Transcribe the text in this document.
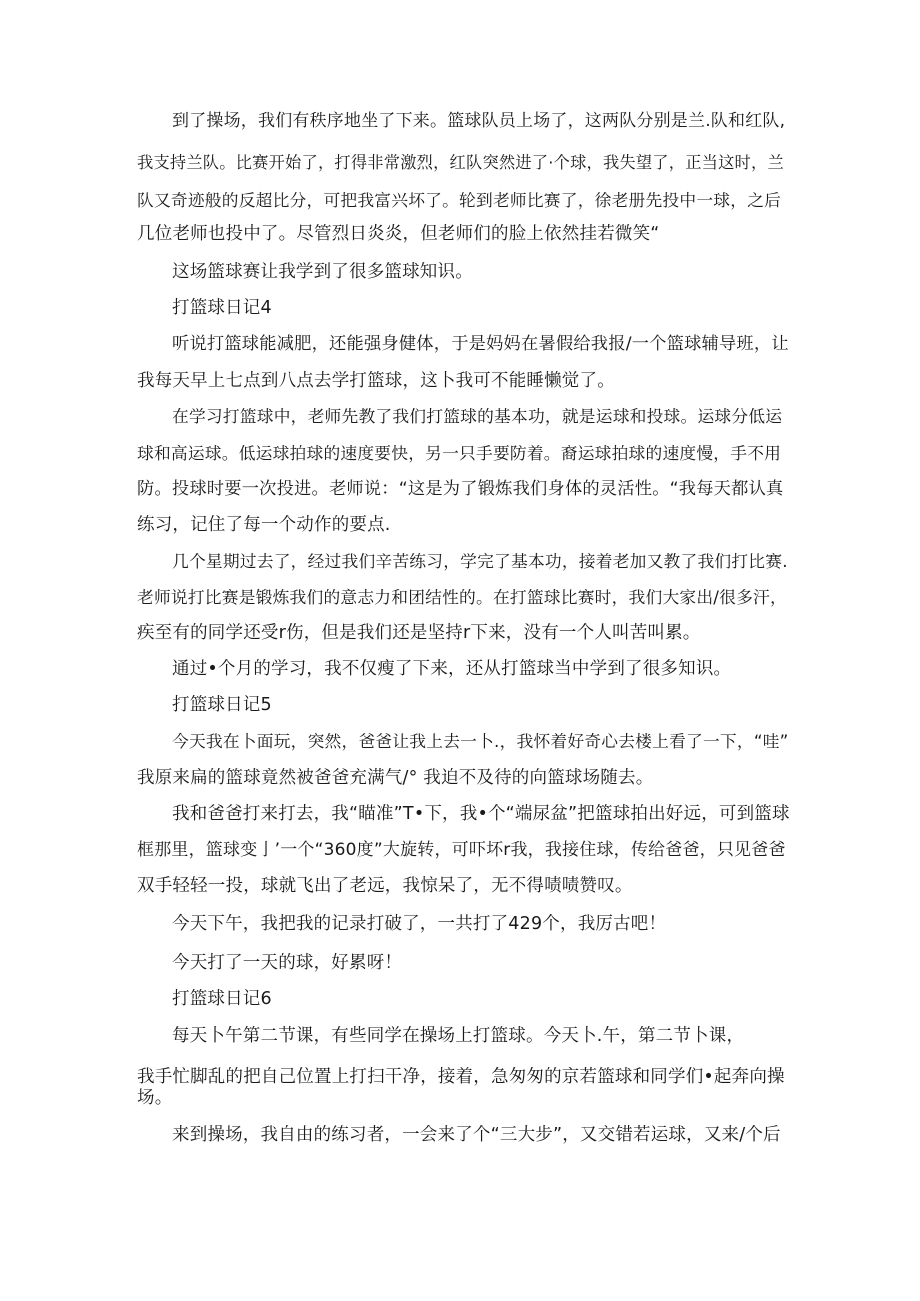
到了操场，我们有秩序地坐了下来。篮球队员上场了，这两队分别是兰.队和红队,
我支持兰队。比赛开始了，打得非常激烈，红队突然进了·个球，我失望了，正当这时，兰
队又奇迹般的反超比分，可把我富兴坏了。轮到老师比赛了，徐老册先投中一球，之后
几位老师也投中了。尽管烈日炎炎，但老师们的脸上依然挂若微笑“
这场篮球赛让我学到了很多篮球知识。
打篮球日记4
听说打篮球能减肥，还能强身健体，于是妈妈在暑假给我报/一个篮球辅导班，让
我每天早上七点到八点去学打篮球，这卜我可不能睡懒觉了。
在学习打篮球中，老师先教了我们打篮球的基本功，就是运球和投球。运球分低运
球和高运球。低运球拍球的速度要快，另一只手要防着。裔运球拍球的速度慢，手不用
防。投球时要一次投进。老师说：“这是为了锻炼我们身体的灵活性。“我每天都认真
练习，记住了每一个动作的要点.
几个星期过去了，经过我们辛苦练习，学完了基本功，接着老加又教了我们打比赛.
老师说打比赛是锻炼我们的意志力和团结性的。在打篮球比赛时，我们大家出/很多汗，
疾至有的同学还受r伤，但是我们还是坚持r下来，没有一个人叫苦叫累。
通过•个月的学习，我不仅瘦了下来，还从打篮球当中学到了很多知识。
打篮球日记5
今天我在卜面玩，突然，爸爸让我上去一卜.，我怀着好奇心去楼上看了一下，“哇”
我原来扁的篮球竟然被爸爸充满气/° 我迫不及待的向篮球场随去。
我和爸爸打来打去，我“瞄准”T•下，我•个“端尿盆”把篮球拍出好远，可到篮球
框那里，篮球变亅’一个“360度”大旋转，可吓坏r我，我接住球，传给爸爸，只见爸爸
双手轻轻一投，球就飞出了老远，我惊呆了，无不得啧啧赞叹。
今天下午，我把我的记录打破了，一共打了429个，我厉古吧！
今天打了一天的球，好累呀！
打篮球日记6
每天卜午第二节课，有些同学在操场上打篮球。今天卜.午，第二节卜课，
我手忙脚乱的把自己位置上打扫干净，接着，急匆匆的京若篮球和同学们•起奔向操
场。
来到操场，我自由的练习者，一会来了个“三大步”，又交错若运球，又来/个后
